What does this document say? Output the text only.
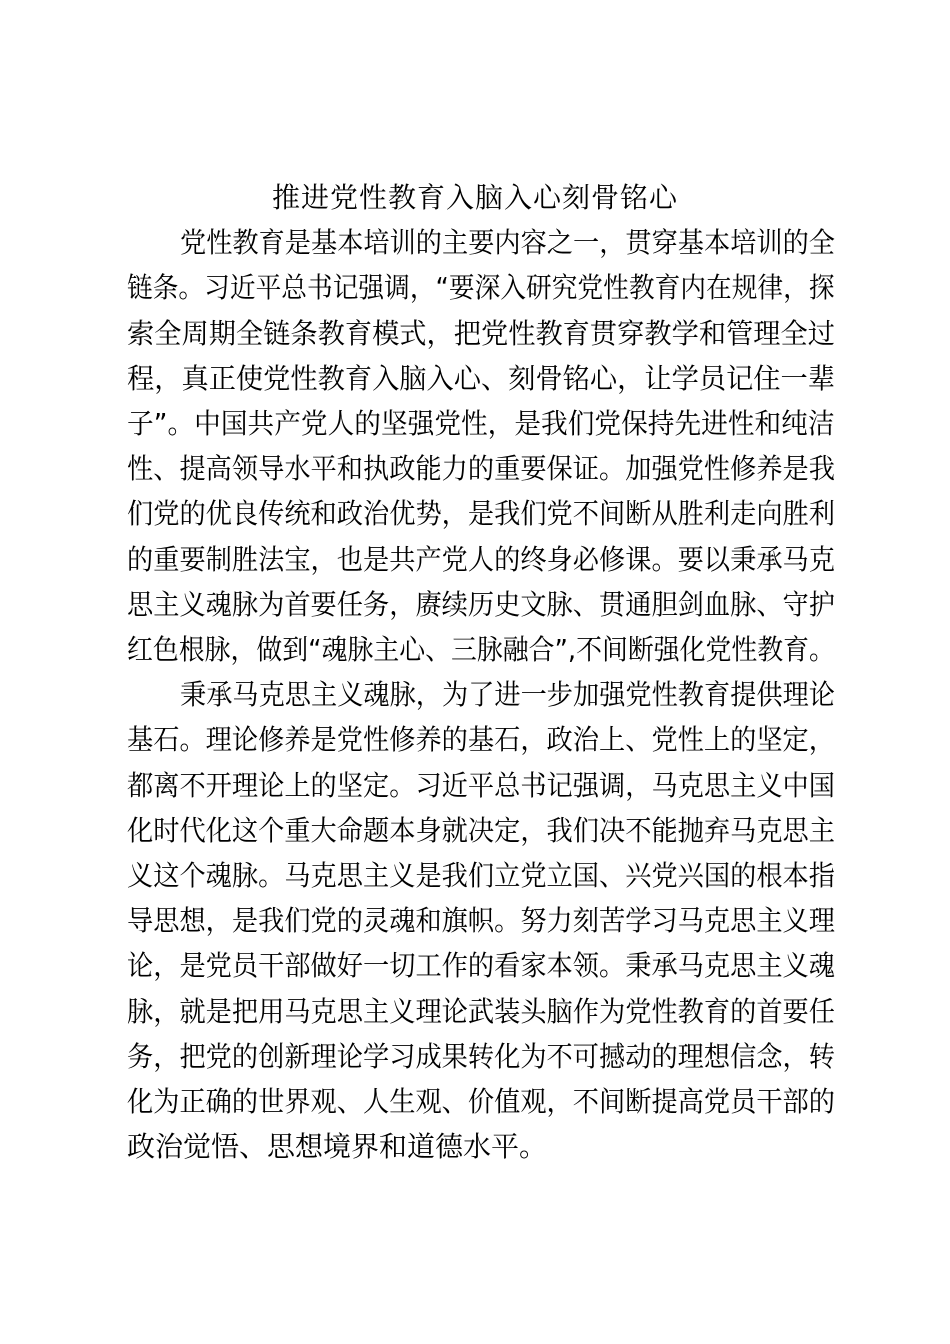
推进党性教育入脑入心刻骨铭心
党性教育是基本培训的主要内容之一，贯穿基本培训的全
链条。习近平总书记强调，“要深入研究党性教育内在规律，探
索全周期全链条教育模式，把党性教育贯穿教学和管理全过
程，真正使党性教育入脑入心、刻骨铭心，让学员记住一辈
子”。中国共产党人的坚强党性，是我们党保持先进性和纯洁
性、提高领导水平和执政能力的重要保证。加强党性修养是我
们党的优良传统和政治优势，是我们党不间断从胜利走向胜利
的重要制胜法宝，也是共产党人的终身必修课。要以秉承马克
思主义魂脉为首要任务，赓续历史文脉、贯通胆剑血脉、守护
红色根脉，做到“魂脉主心、三脉融合”,不间断强化党性教育。
秉承马克思主义魂脉，为了进一步加强党性教育提供理论
基石。理论修养是党性修养的基石，政治上、党性上的坚定，
都离不开理论上的坚定。习近平总书记强调，马克思主义中国
化时代化这个重大命题本身就决定，我们决不能抛弃马克思主
义这个魂脉。马克思主义是我们立党立国、兴党兴国的根本指
导思想，是我们党的灵魂和旗帜。努力刻苦学习马克思主义理
论，是党员干部做好一切工作的看家本领。秉承马克思主义魂
脉，就是把用马克思主义理论武装头脑作为党性教育的首要任
务，把党的创新理论学习成果转化为不可撼动的理想信念，转
化为正确的世界观、人生观、价值观，不间断提高党员干部的
政治觉悟、思想境界和道德水平。
